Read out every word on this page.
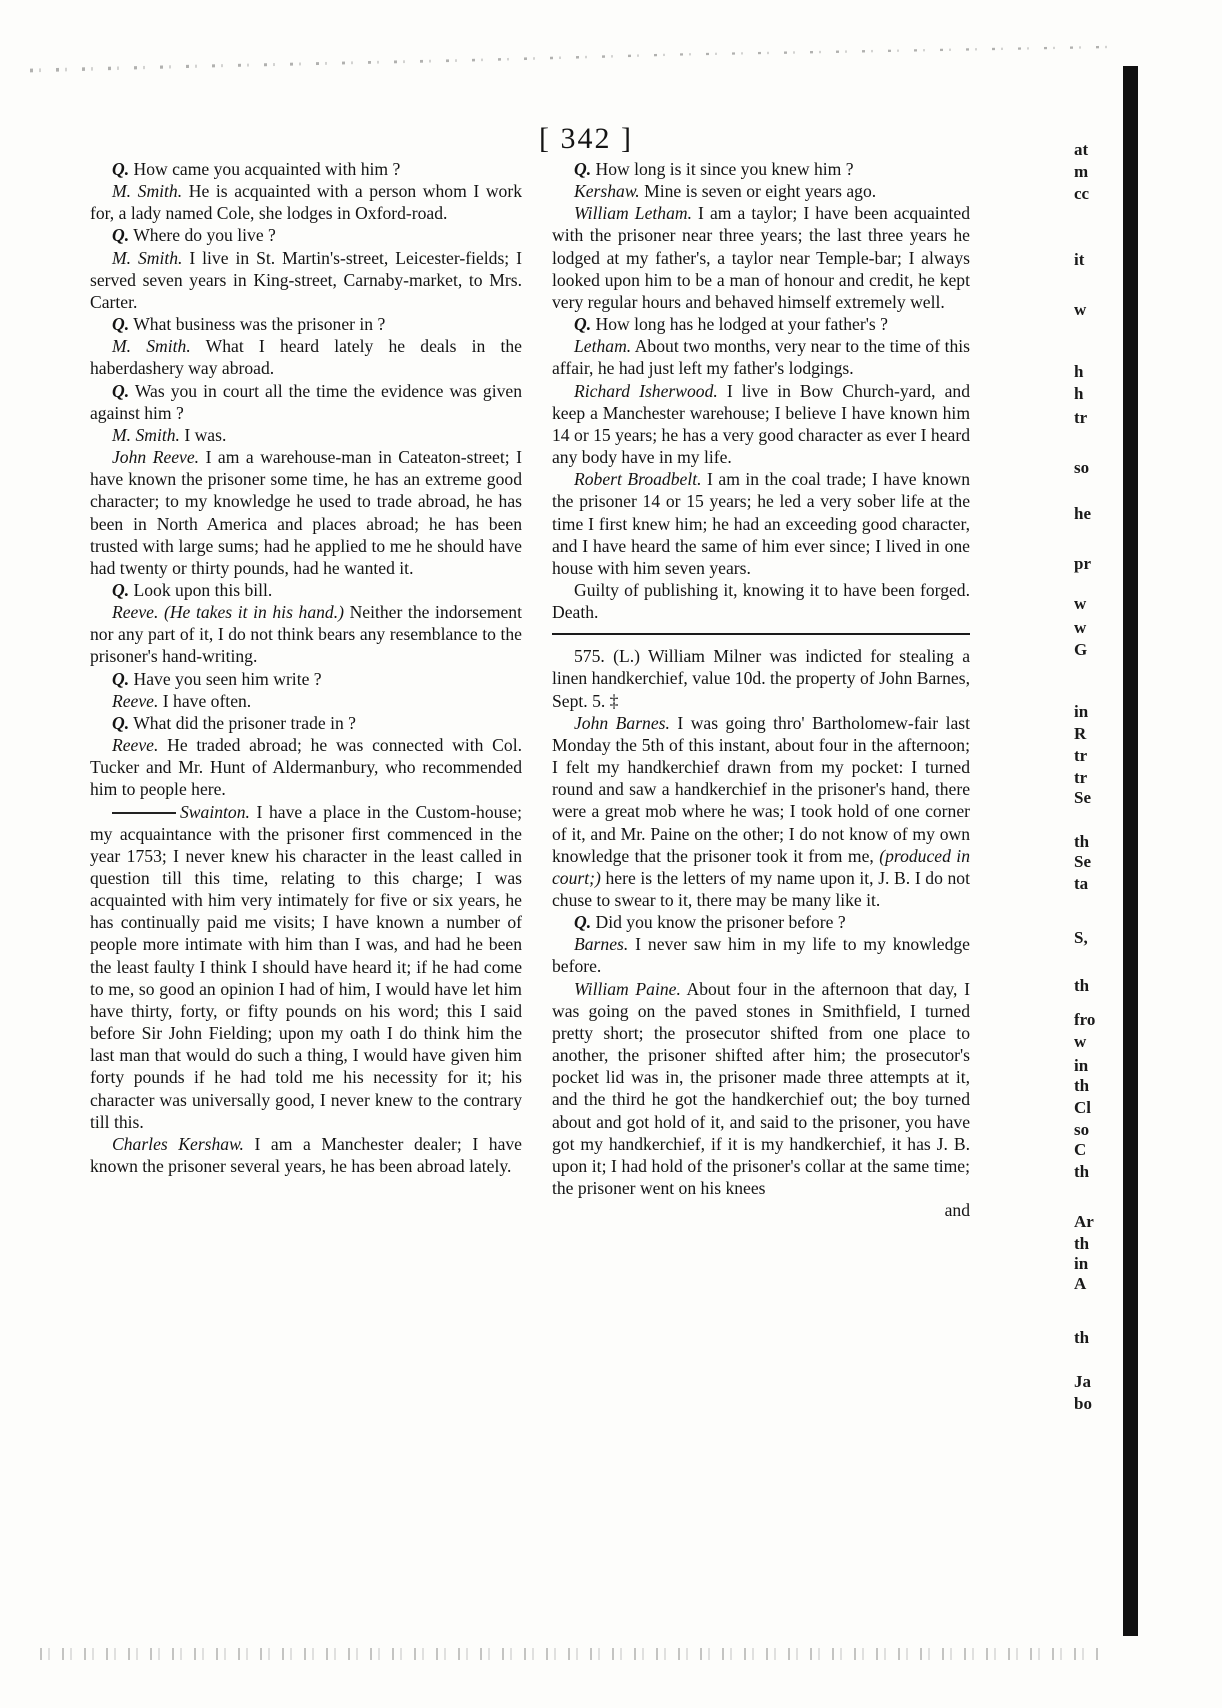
[ 342 ]

Q. How came you acquainted with him ?

M. Smith. He is acquainted with a person whom I work for, a lady named Cole, she lodges in Oxford-road.

Q. Where do you live ?

M. Smith. I live in St. Martin's-street, Leicester-fields; I served seven years in King-street, Carnaby-market, to Mrs. Carter.

Q. What business was the prisoner in ?

M. Smith. What I heard lately he deals in the haberdashery way abroad.

Q. Was you in court all the time the evidence was given against him ?

M. Smith. I was.

John Reeve. I am a warehouse-man in Cateaton-street; I have known the prisoner some time, he has an extreme good character; to my knowledge he used to trade abroad, he has been in North America and places abroad; he has been trusted with large sums; had he applied to me he should have had twenty or thirty pounds, had he wanted it.

Q. Look upon this bill.

Reeve. (He takes it in his hand.) Neither the indorsement nor any part of it, I do not think bears any resemblance to the prisoner's hand-writing.

Q. Have you seen him write ?

Reeve. I have often.

Q. What did the prisoner trade in ?

Reeve. He traded abroad; he was connected with Col. Tucker and Mr. Hunt of Aldermanbury, who recommended him to people here.

Swainton. I have a place in the Custom-house; my acquaintance with the prisoner first commenced in the year 1753; I never knew his character in the least called in question till this time, relating to this charge; I was acquainted with him very intimately for five or six years, he has continually paid me visits; I have known a number of people more intimate with him than I was, and had he been the least faulty I think I should have heard it; if he had come to me, so good an opinion I had of him, I would have let him have thirty, forty, or fifty pounds on his word; this I said before Sir John Fielding; upon my oath I do think him the last man that would do such a thing, I would have given him forty pounds if he had told me his necessity for it; his character was universally good, I never knew to the contrary till this.

Charles Kershaw. I am a Manchester dealer; I have known the prisoner several years, he has been abroad lately.

Q. How long is it since you knew him ?

Kershaw. Mine is seven or eight years ago.

William Letham. I am a taylor; I have been acquainted with the prisoner near three years; the last three years he lodged at my father's, a taylor near Temple-bar; I always looked upon him to be a man of honour and credit, he kept very regular hours and behaved himself extremely well.

Q. How long has he lodged at your father's ?

Letham. About two months, very near to the time of this affair, he had just left my father's lodgings.

Richard Isherwood. I live in Bow Church-yard, and keep a Manchester warehouse; I believe I have known him 14 or 15 years; he has a very good character as ever I heard any body have in my life.

Robert Broadbelt. I am in the coal trade; I have known the prisoner 14 or 15 years; he led a very sober life at the time I first knew him; he had an exceeding good character, and I have heard the same of him ever since; I lived in one house with him seven years.

Guilty of publishing it, knowing it to have been forged. Death.

575. (L.) William Milner was indicted for stealing a linen handkerchief, value 10d. the property of John Barnes, Sept. 5. ‡

John Barnes. I was going thro' Bartholomew-fair last Monday the 5th of this instant, about four in the afternoon; I felt my handkerchief drawn from my pocket: I turned round and saw a handkerchief in the prisoner's hand, there were a great mob where he was; I took hold of one corner of it, and Mr. Paine on the other; I do not know of my own knowledge that the prisoner took it from me, (produced in court;) here is the letters of my name upon it, J. B. I do not chuse to swear to it, there may be many like it.

Q. Did you know the prisoner before ?

Barnes. I never saw him in my life to my knowledge before.

William Paine. About four in the afternoon that day, I was going on the paved stones in Smithfield, I turned pretty short; the prosecutor shifted from one place to another, the prisoner shifted after him; the prosecutor's pocket lid was in, the prisoner made three attempts at it, and the third he got the handkerchief out; the boy turned about and got hold of it, and said to the prisoner, you have got my handkerchief, if it is my handkerchief, it has J. B. upon it; I had hold of the prisoner's collar at the same time; the prisoner went on his knees

and

at
m
cc
it
w
h
h
tr
so
he
pr
w
w
G
in
R
tr
tr
Se
th
Se
ta
S,
th
fro
w
in
th
Cl
so
C
th
Ar
th
in
A
th
Ja
bo
